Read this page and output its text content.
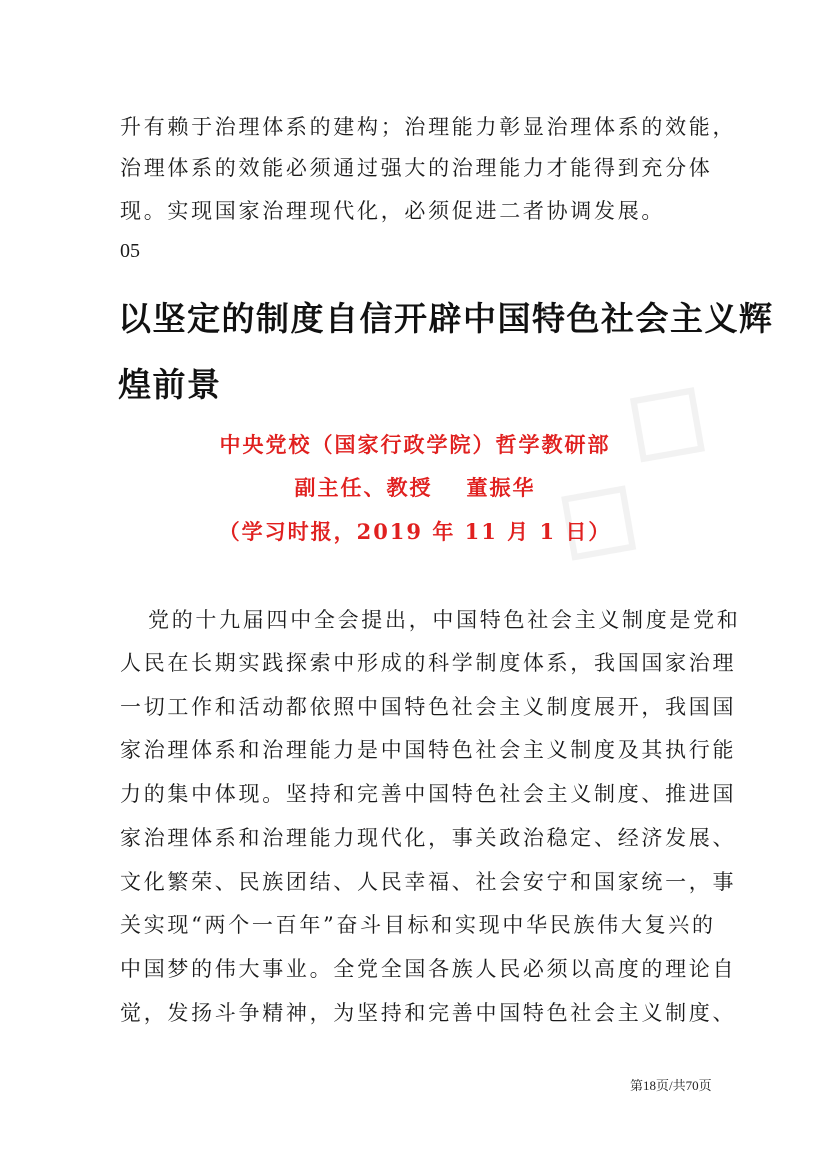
◇
◇
升有赖于治理体系的建构；治理能力彰显治理体系的效能，
治理体系的效能必须通过强大的治理能力才能得到充分体
现。实现国家治理现代化，必须促进二者协调发展。
05
以坚定的制度自信开辟中国特色社会主义辉
煌前景
中央党校（国家行政学院）哲学教研部
副主任、教授 董振华
（学习时报，2019 年 11 月 1 日）
党的十九届四中全会提出，中国特色社会主义制度是党和
人民在长期实践探索中形成的科学制度体系，我国国家治理
一切工作和活动都依照中国特色社会主义制度展开，我国国
家治理体系和治理能力是中国特色社会主义制度及其执行能
力的集中体现。坚持和完善中国特色社会主义制度、推进国
家治理体系和治理能力现代化，事关政治稳定、经济发展、
文化繁荣、民族团结、人民幸福、社会安宁和国家统一，事
关实现“两个一百年”奋斗目标和实现中华民族伟大复兴的
中国梦的伟大事业。全党全国各族人民必须以高度的理论自
觉，发扬斗争精神，为坚持和完善中国特色社会主义制度、
第18页/共70页
